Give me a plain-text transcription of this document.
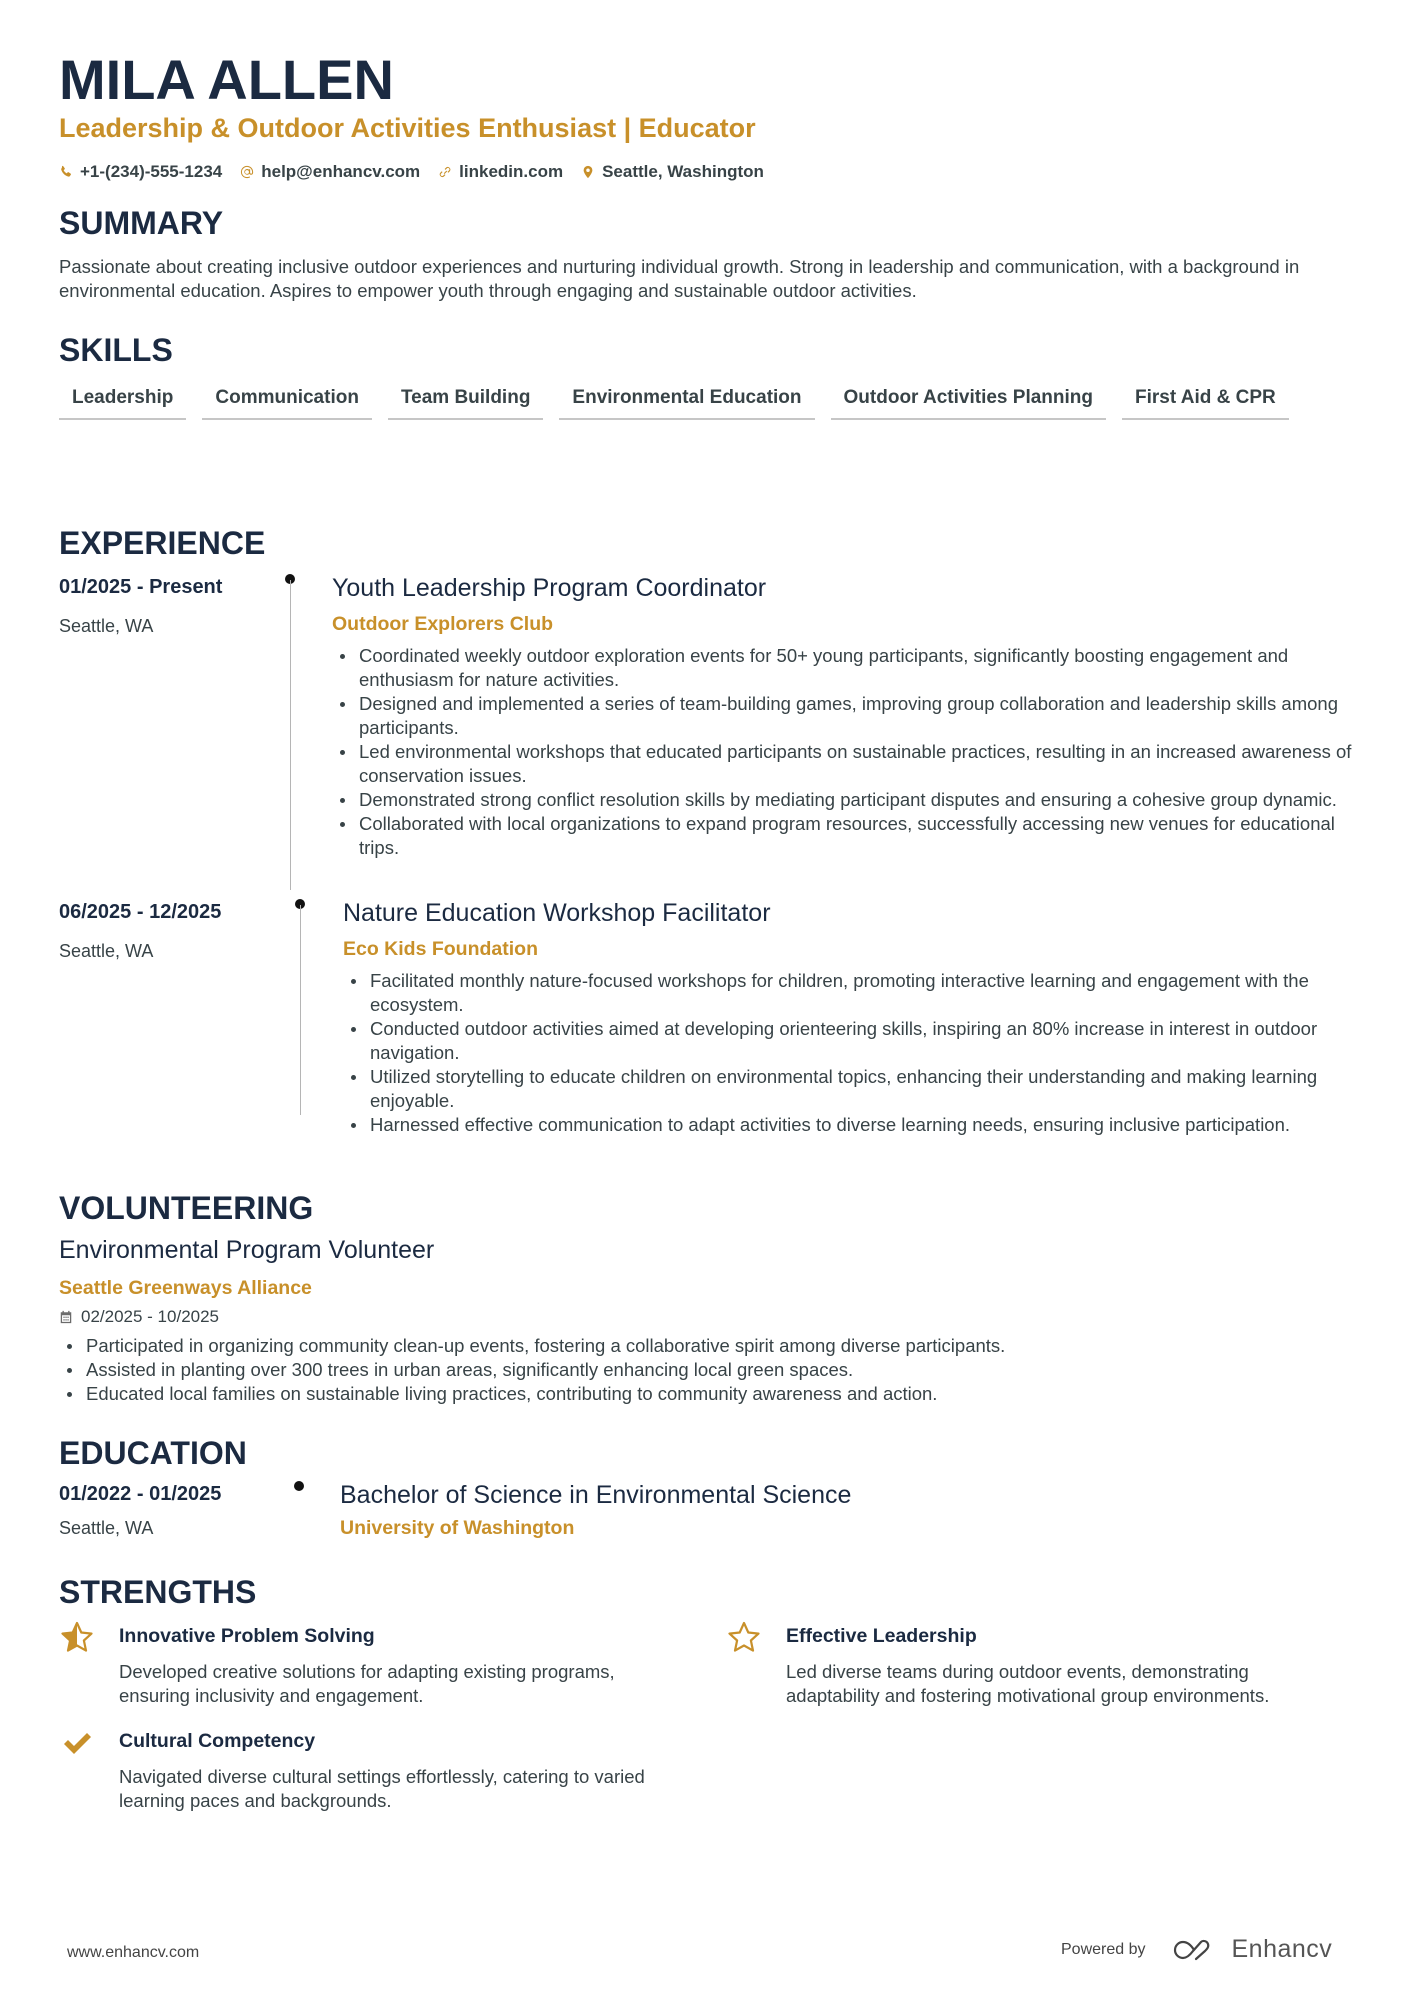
MILA ALLEN
Leadership & Outdoor Activities Enthusiast | Educator
+1-(234)-555-1234 help@enhancv.com linkedin.com Seattle, Washington
SUMMARY
Passionate about creating inclusive outdoor experiences and nurturing individual growth. Strong in leadership and communication, with a background in environmental education. Aspires to empower youth through engaging and sustainable outdoor activities.
SKILLS
Leadership	Communication	Team Building	Environmental Education	Outdoor Activities Planning	First Aid & CPR
EXPERIENCE
01/2025 - Present
Seattle, WA
Youth Leadership Program Coordinator
Outdoor Explorers Club
Coordinated weekly outdoor exploration events for 50+ young participants, significantly boosting engagement and enthusiasm for nature activities.
Designed and implemented a series of team-building games, improving group collaboration and leadership skills among participants.
Led environmental workshops that educated participants on sustainable practices, resulting in an increased awareness of conservation issues.
Demonstrated strong conflict resolution skills by mediating participant disputes and ensuring a cohesive group dynamic.
Collaborated with local organizations to expand program resources, successfully accessing new venues for educational trips.
06/2025 - 12/2025
Seattle, WA
Nature Education Workshop Facilitator
Eco Kids Foundation
Facilitated monthly nature-focused workshops for children, promoting interactive learning and engagement with the ecosystem.
Conducted outdoor activities aimed at developing orienteering skills, inspiring an 80% increase in interest in outdoor navigation.
Utilized storytelling to educate children on environmental topics, enhancing their understanding and making learning enjoyable.
Harnessed effective communication to adapt activities to diverse learning needs, ensuring inclusive participation.
VOLUNTEERING
Environmental Program Volunteer
Seattle Greenways Alliance
02/2025 - 10/2025
Participated in organizing community clean-up events, fostering a collaborative spirit among diverse participants.
Assisted in planting over 300 trees in urban areas, significantly enhancing local green spaces.
Educated local families on sustainable living practices, contributing to community awareness and action.
EDUCATION
01/2022 - 01/2025
Seattle, WA
Bachelor of Science in Environmental Science
University of Washington
STRENGTHS
Innovative Problem Solving
Developed creative solutions for adapting existing programs, ensuring inclusivity and engagement.
Effective Leadership
Led diverse teams during outdoor events, demonstrating adaptability and fostering motivational group environments.
Cultural Competency
Navigated diverse cultural settings effortlessly, catering to varied learning paces and backgrounds.
www.enhancv.com	Powered by	Enhancv
